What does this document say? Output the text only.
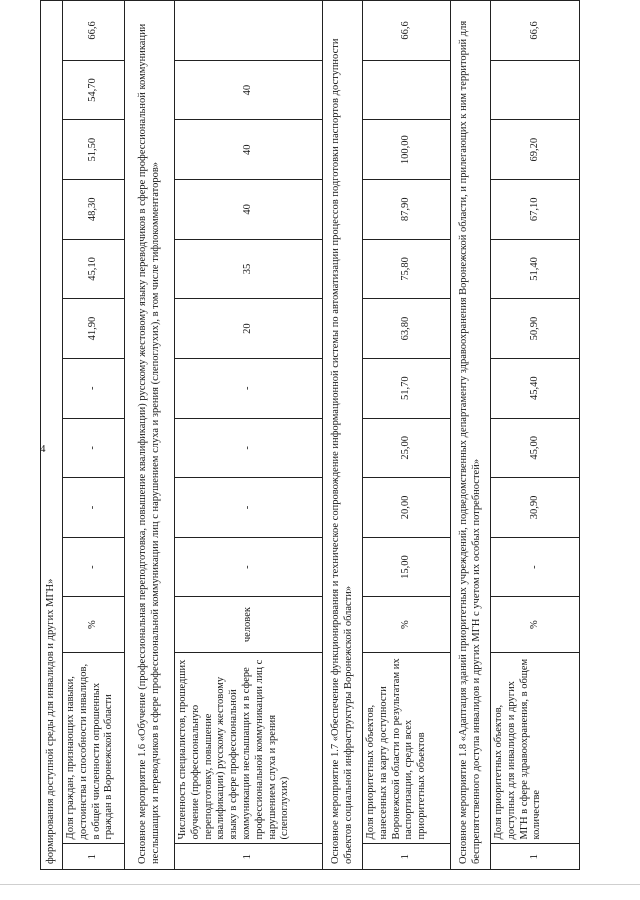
4
формирования доступной среды для инвалидов и других МГН»												
1	Доля граждан, признающих навыки, достоинства и способности инвалидов, в общей численности опрошенных граждан в Воронежской области	%	-	-	-	-	41,90	45,10	48,30	51,50	54,70	66,6
Основное мероприятие 1.6 «Обучение (профессиональная переподготовка, повышение квалификации) русскому жестовому языку переводчиков в сфере профессиональной коммуникации неслышащих и переводчиков в сфере профессиональной коммуникации лиц с нарушением слуха и зрения (слепоглухих), в том числе тифлокомментаторов»												
1	Численность специалистов, прошедших обучение (профессиональную переподготовку, повышение квалификации) русскому жестовому языку в сфере профессиональной коммуникации неслышащих и в сфере профессиональной коммуникации лиц с нарушением слуха и зрения (слепоглухих)	человек	-	-	-	-	20	35	40	40	40	
Основное мероприятие 1.7 «Обеспечение функционирования и техническое сопровождение информационной системы по автоматизации процессов подготовки паспортов доступности объектов социальной инфраструктуры Воронежской области»												
1	Доля приоритетных объектов, нанесенных на карту доступности Воронежской области по результатам их паспортизации, среди всех приоритетных объектов	%	15,00	20,00	25,00	51,70	63,80	75,80	87,90	100,00		66,6
Основное мероприятие 1.8 «Адаптация зданий приоритетных учреждений, подведомственных департаменту здравоохранения Воронежской области, и прилегающих к ним территорий для беспрепятственного доступа инвалидов и других МГН с учетом их особых потребностей»												
1	Доля приоритетных объектов, доступных для инвалидов и других МГН в сфере здравоохранения, в общем количестве	%	-	30,90	45,00	45,40	50,90	51,40	67,10	69,20		66,6
